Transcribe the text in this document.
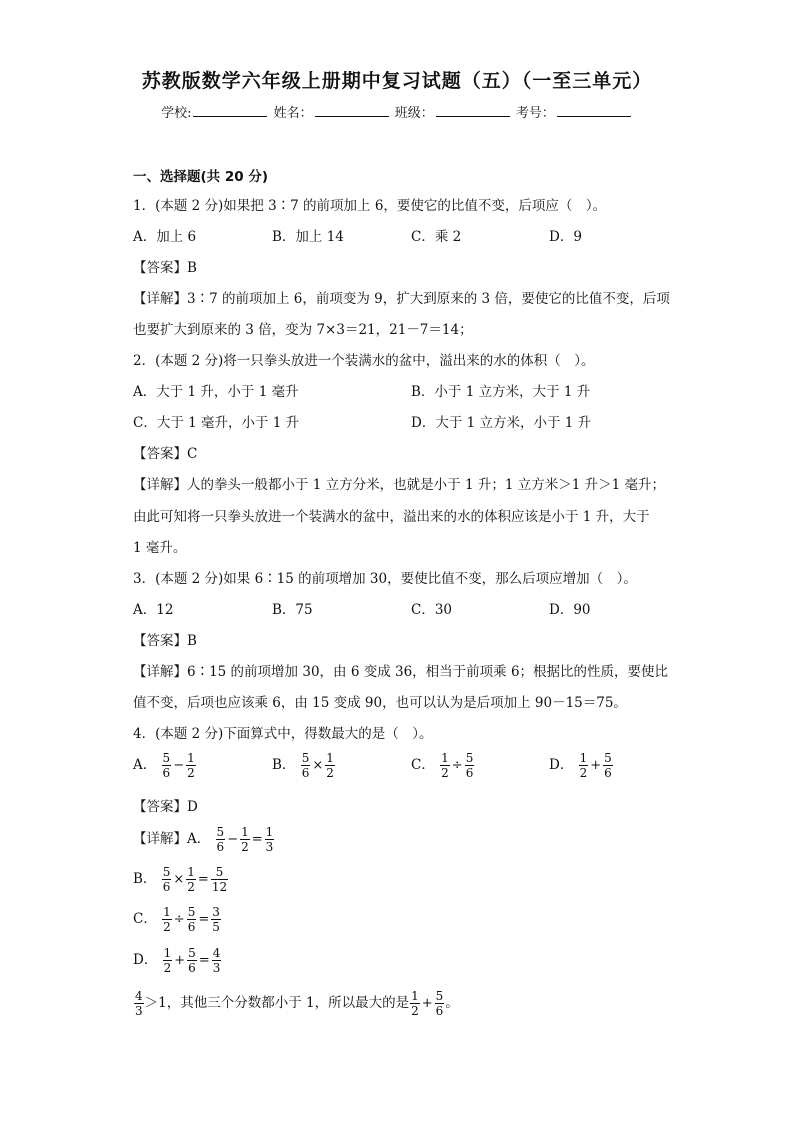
苏教版数学六年级上册期中复习试题（五）（一至三单元）
学校:	姓名：	班级：	考号：
一、选择题(共 20 分)
1．(本题 2 分)如果把 3∶7 的前项加上 6，要使它的比值不变，后项应（　）。
A．加上 6	B．加上 14	C．乘 2	D．9
【答案】B
【详解】3∶7 的前项加上 6，前项变为 9，扩大到原来的 3 倍，要使它的比值不变，后项
也要扩大到原来的 3 倍，变为 7×3＝21，21－7＝14；
2．(本题 2 分)将一只拳头放进一个装满水的盆中，溢出来的水的体积（　）。
A．大于 1 升，小于 1 毫升	B．小于 1 立方米，大于 1 升
C．大于 1 毫升，小于 1 升	D．大于 1 立方米，小于 1 升
【答案】C
【详解】人的拳头一般都小于 1 立方分米，也就是小于 1 升；1 立方米＞1 升＞1 毫升；
由此可知将一只拳头放进一个装满水的盆中，溢出来的水的体积应该是小于 1 升，大于
1 毫升。
3．(本题 2 分)如果 6∶15 的前项增加 30，要使比值不变，那么后项应增加（　）。
A．12	B．75	C．30	D．90
【答案】B
【详解】6∶15 的前项增加 30，由 6 变成 36，相当于前项乘 6；根据比的性质，要使比
值不变，后项也应该乘 6，由 15 变成 90，也可以认为是后项加上 90－15＝75。
4．(本题 2 分)下面算式中，得数最大的是（　）。
A． $\frac{5}{6} - \frac{1}{2}$	B． $\frac{5}{6} \times \frac{1}{2}$	C． $\frac{1}{2} \div \frac{5}{6}$	D． $\frac{1}{2} + \frac{5}{6}$
【答案】D
【详解】A． $\frac{5}{6} - \frac{1}{2} = \frac{1}{3}$
B． $\frac{5}{6} \times \frac{1}{2} = \frac{5}{12}$
C． $\frac{1}{2} \div \frac{5}{6} = \frac{3}{5}$
D． $\frac{1}{2} + \frac{5}{6} = \frac{4}{3}$
$\frac{4}{3} >1$，其他三个分数都小于 1，所以最大的是 $\frac{1}{2} + \frac{5}{6}$ 。
